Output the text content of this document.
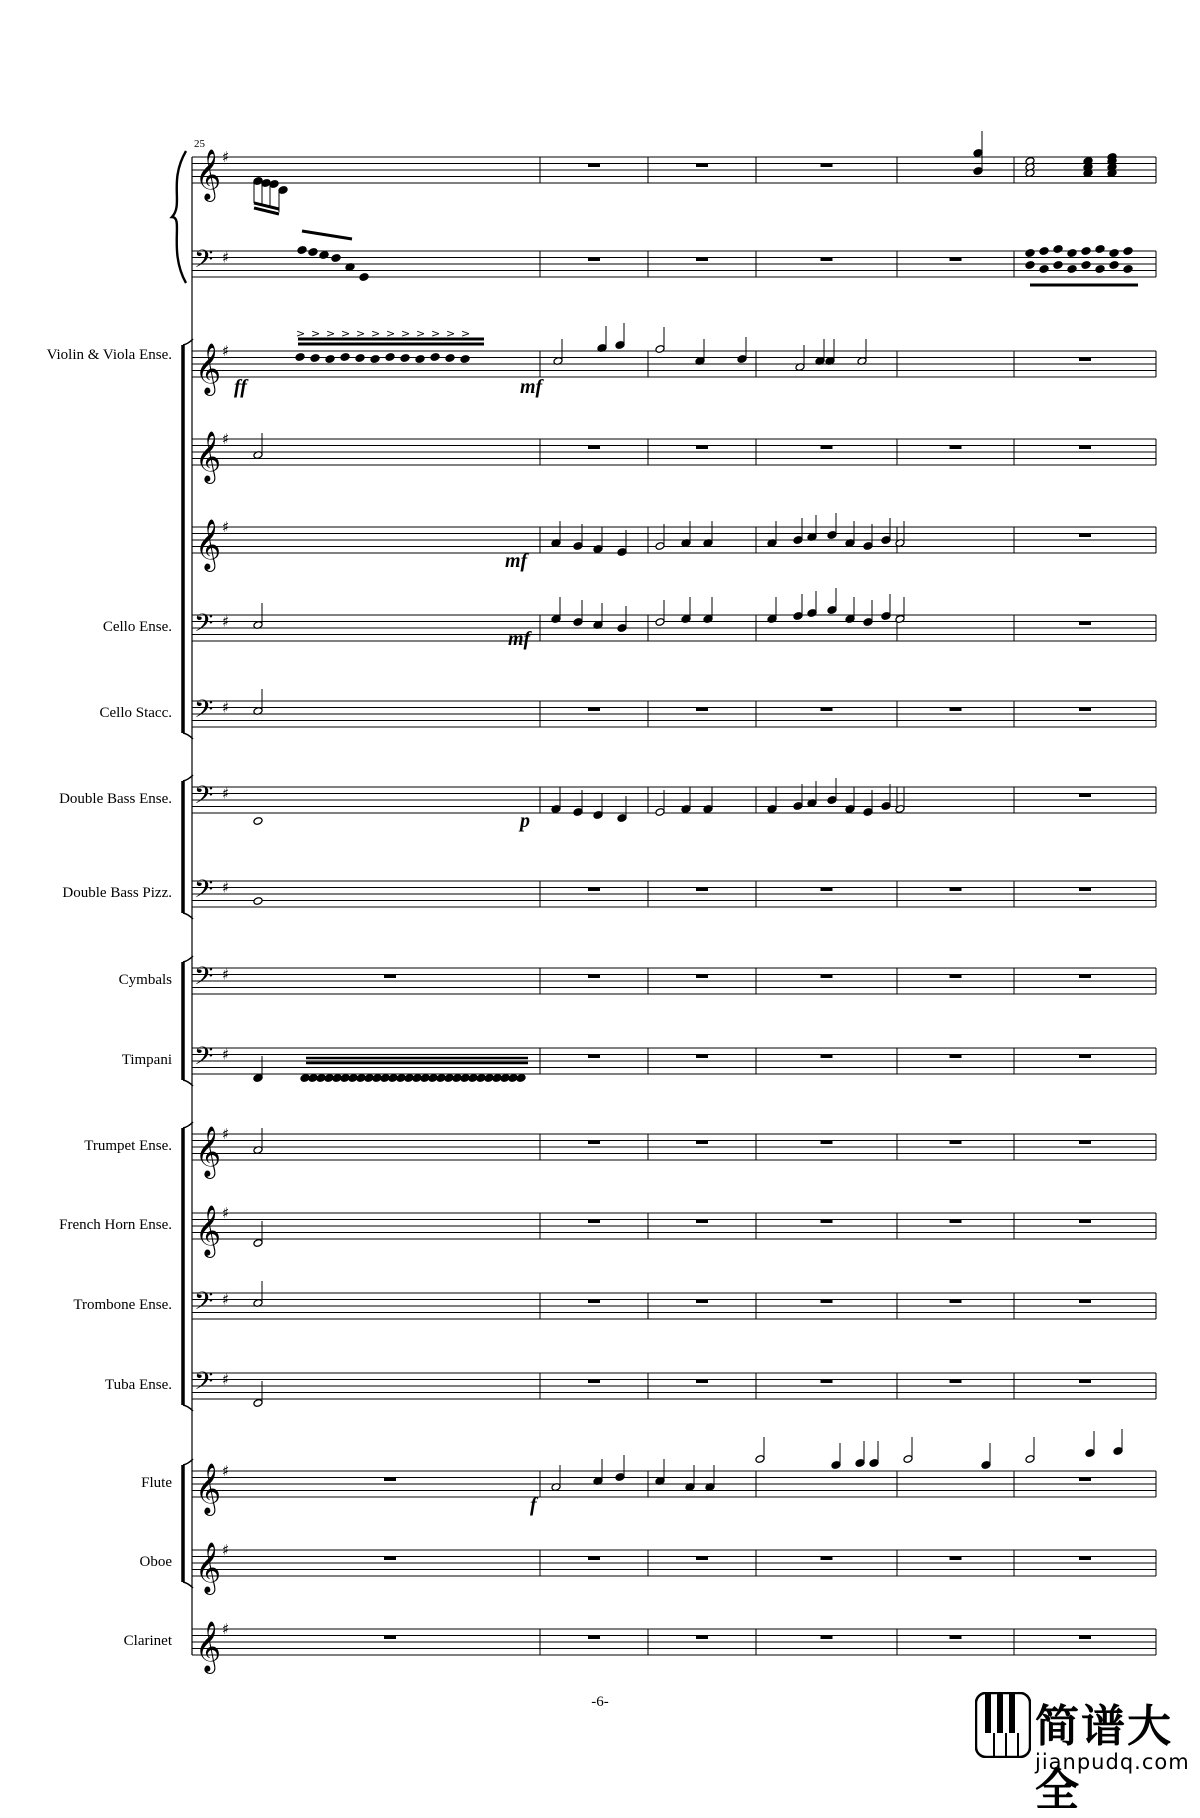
𝄞 ♯
𝄢 ♯
𝄞 ♯
𝄞 ♯
𝄞 ♯
𝄢 ♯
𝄢 ♯
𝄢 ♯
𝄢 ♯
𝄢 ♯
𝄢 ♯
𝄞 ♯
𝄞 ♯
𝄢 ♯
𝄢 ♯
𝄞 ♯
𝄞 ♯
𝄞 ♯
> > > > > > > > > > > >
ff	mf
mf
mf
p
f
25
Violin & Viola Ense.
Cello Ense.
Cello Stacc.
Double Bass Ense.
Double Bass Pizz.
Cymbals
Timpani
Trumpet Ense.
French Horn Ense.
Trombone Ense.
Tuba Ense.
Flute
Oboe
Clarinet
-6-	简谱大全
jianpudq.com
